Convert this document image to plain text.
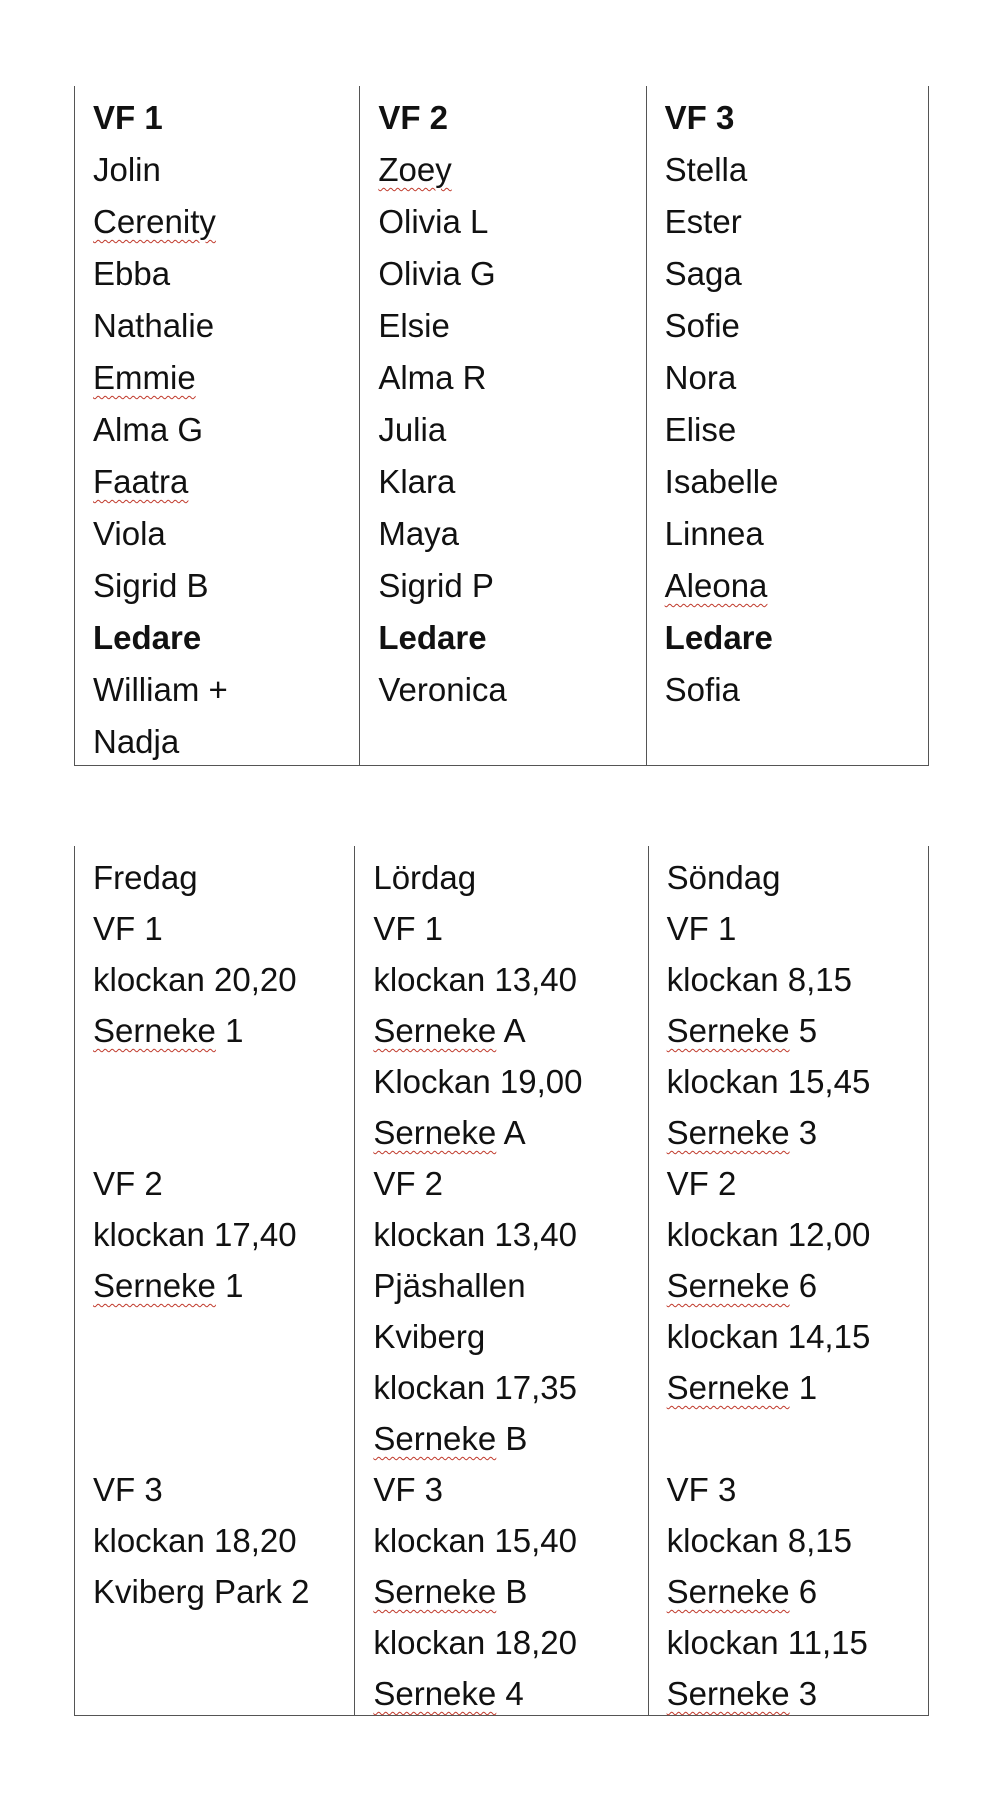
VF 1
Jolin
Cerenity
Ebba
Nathalie
Emmie
Alma G
Faatra
Viola
Sigrid B
Ledare
William +
Nadja
VF 2
Zoey
Olivia L
Olivia G
Elsie
Alma R
Julia
Klara
Maya
Sigrid P
Ledare
Veronica
VF 3
Stella
Ester
Saga
Sofie
Nora
Elise
Isabelle
Linnea
Aleona
Ledare
Sofia
Fredag
VF 1
klockan 20,20
Serneke 1
VF 2
klockan 17,40
Serneke 1
VF 3
klockan 18,20
Kviberg Park 2
Lördag
VF 1
klockan 13,40
Serneke A
Klockan 19,00
Serneke A
VF 2
klockan 13,40
Pjäshallen
Kviberg
klockan 17,35
Serneke B
VF 3
klockan 15,40
Serneke B
klockan 18,20
Serneke 4
Söndag
VF 1
klockan 8,15
Serneke 5
klockan 15,45
Serneke 3
VF 2
klockan 12,00
Serneke 6
klockan 14,15
Serneke 1
VF 3
klockan 8,15
Serneke 6
klockan 11,15
Serneke 3
